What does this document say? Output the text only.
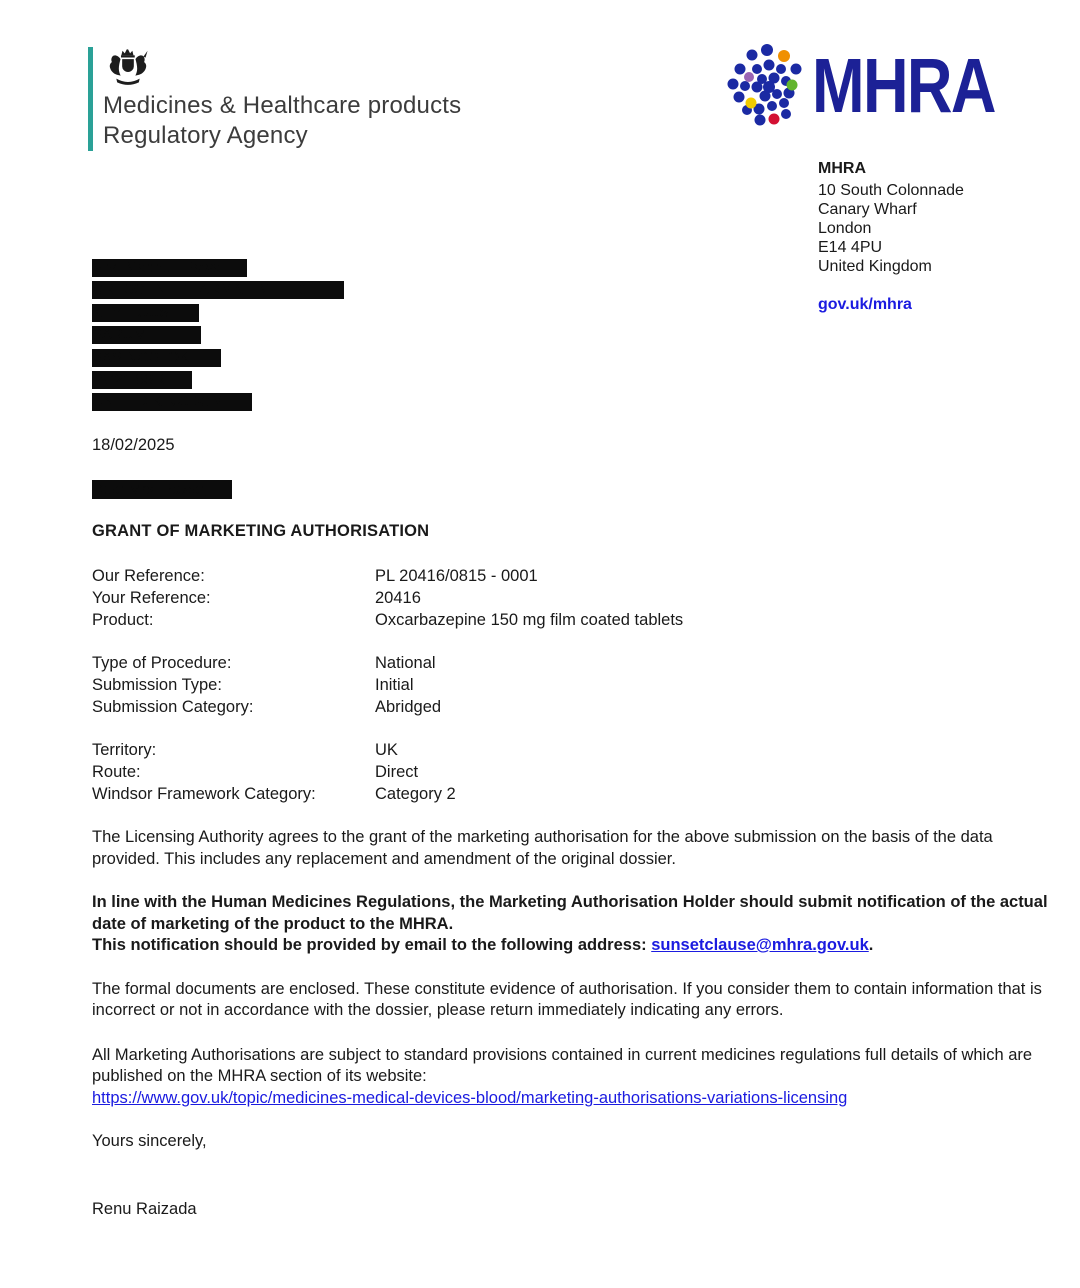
Medicines & Healthcare products
Regulatory Agency
MHRA
MHRA
10 South Colonnade
Canary Wharf
London
E14 4PU
United Kingdom
gov.uk/mhra
Mrs. Madhuri Pawar
CRESCENT PHARMA LIMITED
KEY HOUSE
SARUM HILL
BASINGSTOKE
RG21 8SR
UNITED KINGDOM
18/02/2025
Dear Mrs. Pawar,
GRANT OF MARKETING AUTHORISATION
Our Reference:	PL 20416/0815 - 0001
Your Reference:	20416
Product:	Oxcarbazepine 150 mg film coated tablets
Type of Procedure:	National
Submission Type:	Initial
Submission Category:	Abridged
Territory:	UK
Route:	Direct
Windsor Framework Category:	Category 2

The Licensing Authority agrees to the grant of the marketing authorisation for the above submission on the basis of the data provided. This includes any replacement and amendment of the original dossier.

In line with the Human Medicines Regulations, the Marketing Authorisation Holder should submit notification of the actual date of marketing of the product to the MHRA.
This notification should be provided by email to the following address: sunsetclause@mhra.gov.uk.

The formal documents are enclosed. These constitute evidence of authorisation. If you consider them to contain information that is incorrect or not in accordance with the dossier, please return immediately indicating any errors.

All Marketing Authorisations are subject to standard provisions contained in current medicines regulations full details of which are published on the MHRA section of its website:
https://www.gov.uk/topic/medicines-medical-devices-blood/marketing-authorisations-variations-licensing

Yours sincerely,

Renu Raizada
